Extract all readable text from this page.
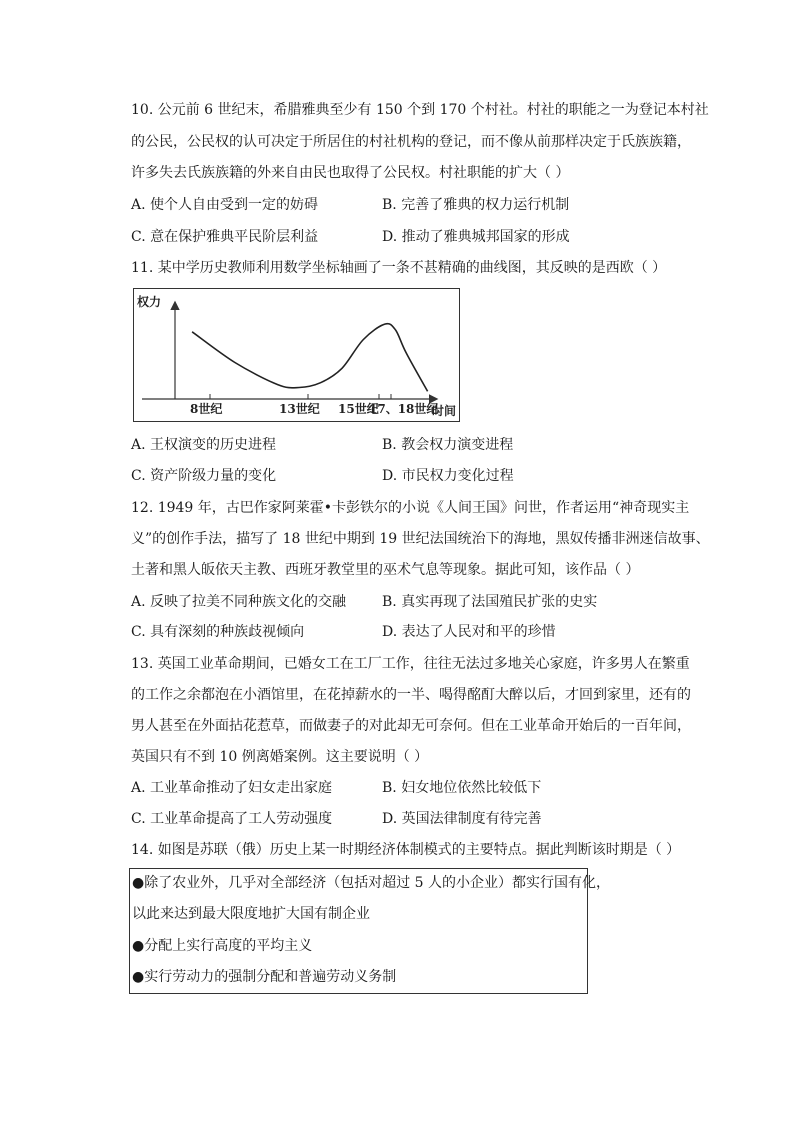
10. 公元前 6 世纪末，希腊雅典至少有 150 个到 170 个村社。村社的职能之一为登记本村社
的公民，公民权的认可决定于所居住的村社机构的登记，而不像从前那样决定于氏族族籍，
许多失去氏族族籍的外来自由民也取得了公民权。村社职能的扩大（ ）
A. 使个人自由受到一定的妨碍	B. 完善了雅典的权力运行机制
C. 意在保护雅典平民阶层利益	D. 推动了雅典城邦国家的形成
11. 某中学历史教师利用数学坐标轴画了一条不甚精确的曲线图，其反映的是西欧（ ）
权力
时间
8世纪	13世纪 15世纪
17、18世纪
A. 王权演变的历史进程	B. 教会权力演变进程
C. 资产阶级力量的变化	D. 市民权力变化过程
12. 1949 年，古巴作家阿莱霍•卡彭铁尔的小说《人间王国》问世，作者运用“神奇现实主
义”的创作手法，描写了 18 世纪中期到 19 世纪法国统治下的海地，黑奴传播非洲迷信故事、
土著和黑人皈依天主教、西班牙教堂里的巫术气息等现象。据此可知，该作品（ ）
A. 反映了拉美不同种族文化的交融	B. 真实再现了法国殖民扩张的史实
C. 具有深刻的种族歧视倾向	D. 表达了人民对和平的珍惜
13. 英国工业革命期间，已婚女工在工厂工作，往往无法过多地关心家庭，许多男人在繁重
的工作之余都泡在小酒馆里，在花掉薪水的一半、喝得酩酊大醉以后，才回到家里，还有的
男人甚至在外面拈花惹草，而做妻子的对此却无可奈何。但在工业革命开始后的一百年间，
英国只有不到 10 例离婚案例。这主要说明（ ）
A. 工业革命推动了妇女走出家庭	B. 妇女地位依然比较低下
C. 工业革命提高了工人劳动强度	D. 英国法律制度有待完善
14. 如图是苏联（俄）历史上某一时期经济体制模式的主要特点。据此判断该时期是（ ）
●除了农业外，几乎对全部经济（包括对超过 5 人的小企业）都实行国有化，
以此来达到最大限度地扩大国有制企业
●分配上实行高度的平均主义
●实行劳动力的强制分配和普遍劳动义务制
